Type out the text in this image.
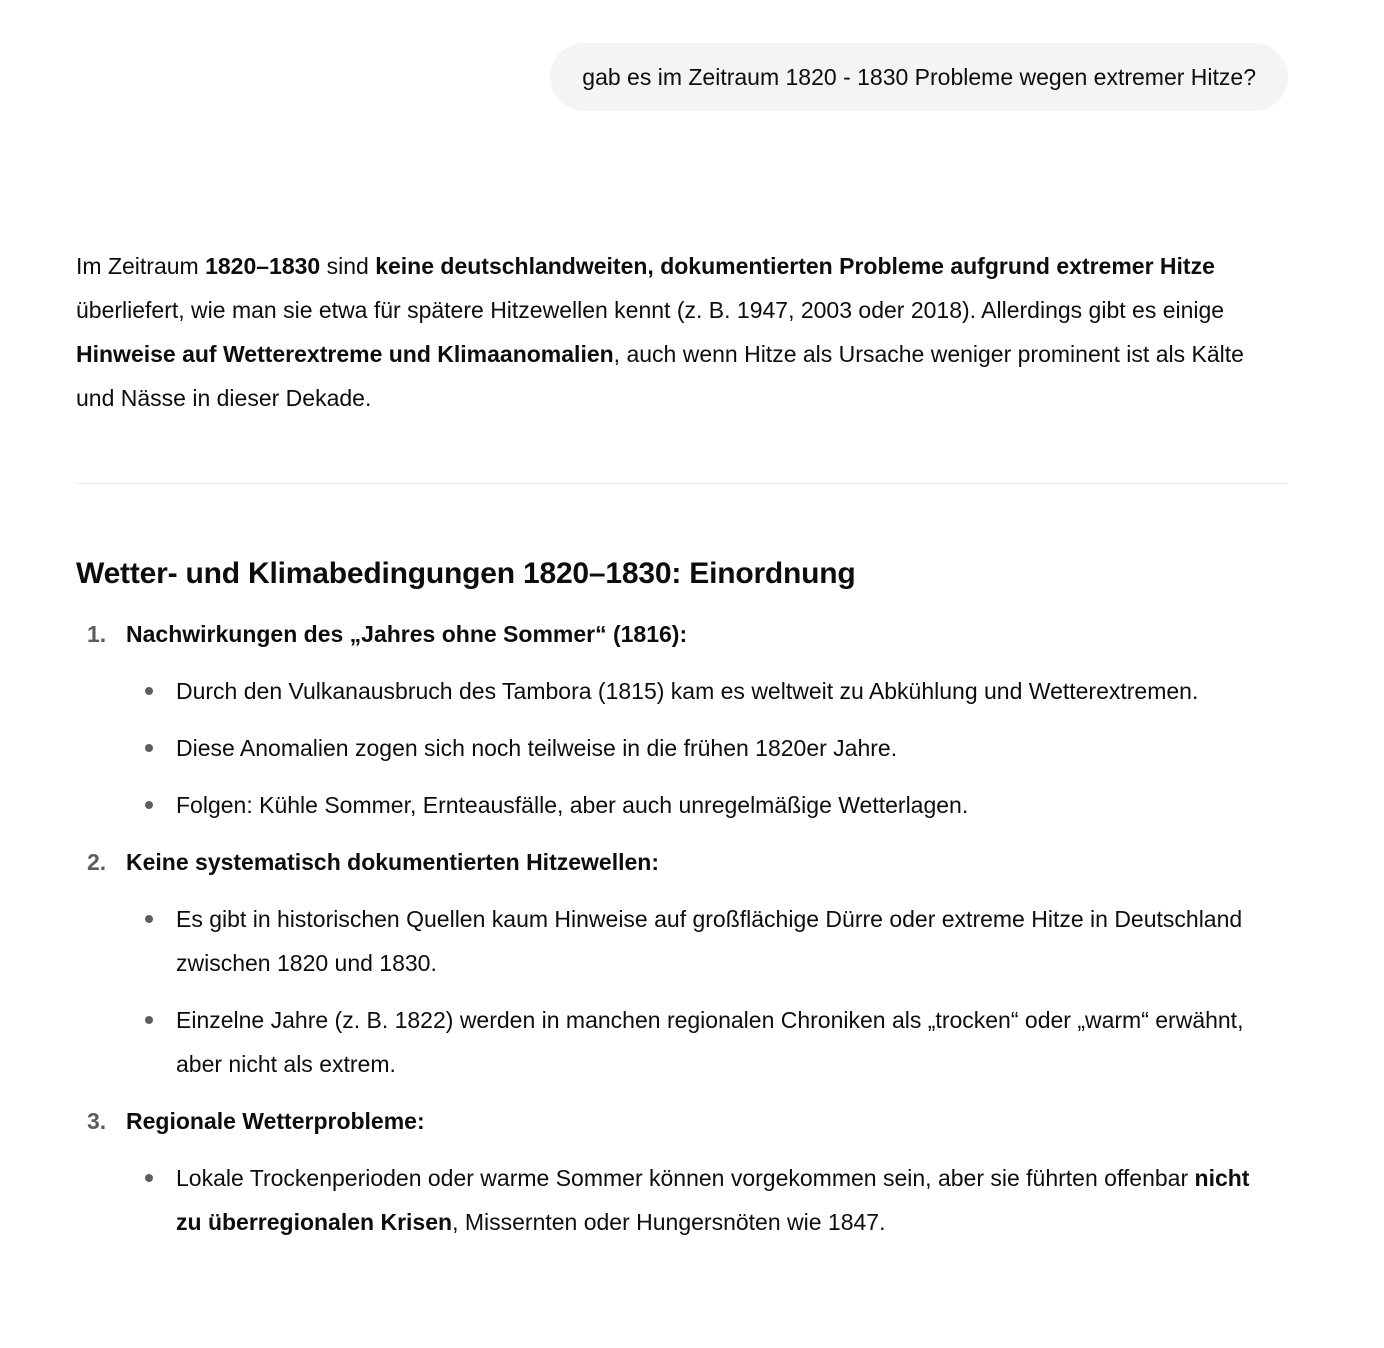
gab es im Zeitraum 1820 - 1830 Probleme wegen extremer Hitze?

Im Zeitraum 1820–1830 sind keine deutschlandweiten, dokumentierten Probleme aufgrund extremer Hitze überliefert, wie man sie etwa für spätere Hitzewellen kennt (z. B. 1947, 2003 oder 2018). Allerdings gibt es einige Hinweise auf Wetterextreme und Klimaanomalien, auch wenn Hitze als Ursache weniger prominent ist als Kälte und Nässe in dieser Dekade.

Wetter- und Klimabedingungen 1820–1830: Einordnung
1. Nachwirkungen des „Jahres ohne Sommer“ (1816):
Durch den Vulkanausbruch des Tambora (1815) kam es weltweit zu Abkühlung und Wetterextremen.
Diese Anomalien zogen sich noch teilweise in die frühen 1820er Jahre.
Folgen: Kühle Sommer, Ernteausfälle, aber auch unregelmäßige Wetterlagen.
2. Keine systematisch dokumentierten Hitzewellen:
Es gibt in historischen Quellen kaum Hinweise auf großflächige Dürre oder extreme Hitze in Deutschland zwischen 1820 und 1830.
Einzelne Jahre (z. B. 1822) werden in manchen regionalen Chroniken als „trocken“ oder „warm“ erwähnt, aber nicht als extrem.
3. Regionale Wetterprobleme:
Lokale Trockenperioden oder warme Sommer können vorgekommen sein, aber sie führten offenbar nicht zu überregionalen Krisen, Missernten oder Hungersnöten wie 1847.
